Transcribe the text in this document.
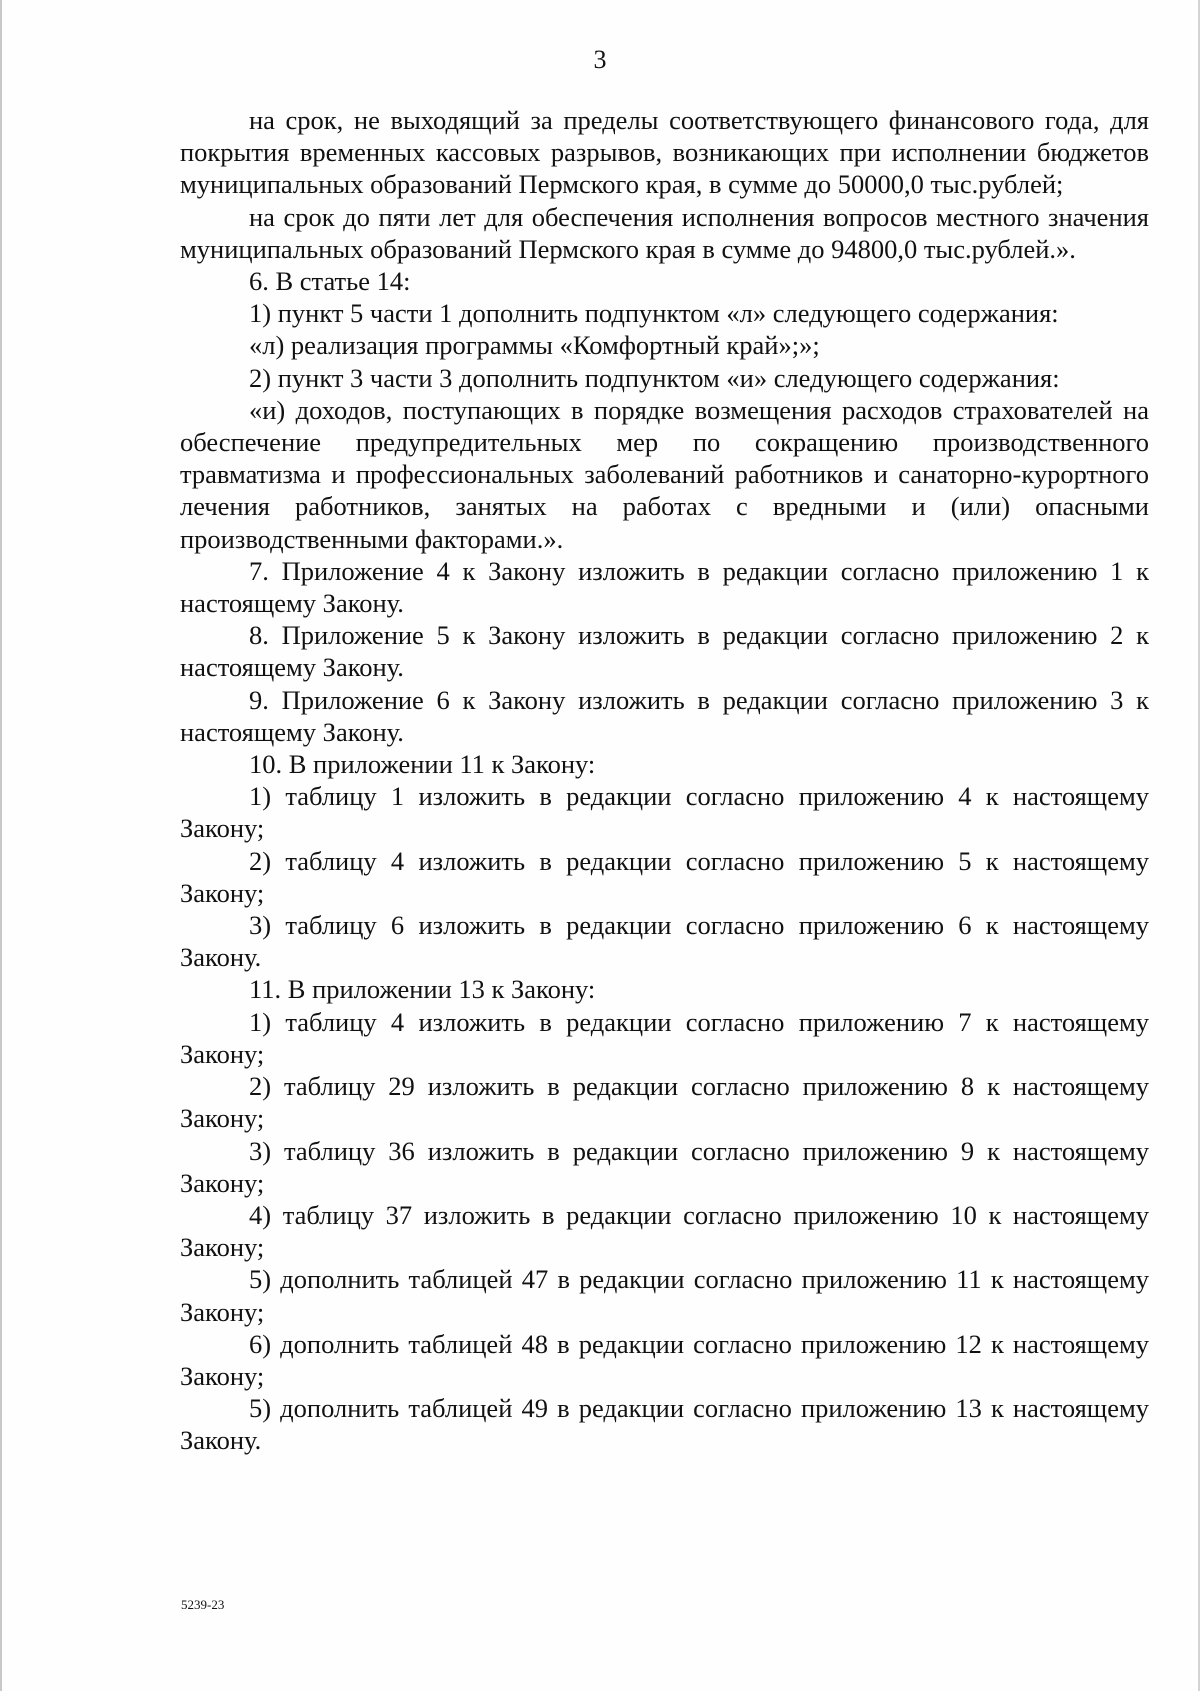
3

на срок, не выходящий за пределы соответствующего финансового года, для покрытия временных кассовых разрывов, возникающих при исполнении бюджетов муниципальных образований Пермского края, в сумме до 50000,0 тыс.рублей;

на срок до пяти лет для обеспечения исполнения вопросов местного значения муниципальных образований Пермского края в сумме до 94800,0 тыс.рублей.».

6. В статье 14:

1) пункт 5 части 1 дополнить подпунктом «л» следующего содержания:

«л) реализация программы «Комфортный край»;»;

2) пункт 3 части 3 дополнить подпунктом «и» следующего содержания:

«и) доходов, поступающих в порядке возмещения расходов страхователей на обеспечение предупредительных мер по сокращению производственного травматизма и профессиональных заболеваний работников и санаторно-курортного лечения работников, занятых на работах с вредными и (или) опасными производственными факторами.».

7. Приложение 4 к Закону изложить в редакции согласно приложению 1 к настоящему Закону.

8. Приложение 5 к Закону изложить в редакции согласно приложению 2 к настоящему Закону.

9. Приложение 6 к Закону изложить в редакции согласно приложению 3 к настоящему Закону.

10. В приложении 11 к Закону:

1) таблицу 1 изложить в редакции согласно приложению 4 к настоящему Закону;

2) таблицу 4 изложить в редакции согласно приложению 5 к настоящему Закону;

3) таблицу 6 изложить в редакции согласно приложению 6 к настоящему Закону.

11. В приложении 13 к Закону:

1) таблицу 4 изложить в редакции согласно приложению 7 к настоящему Закону;

2) таблицу 29 изложить в редакции согласно приложению 8 к настоящему Закону;

3) таблицу 36 изложить в редакции согласно приложению 9 к настоящему Закону;

4) таблицу 37 изложить в редакции согласно приложению 10 к настоящему Закону;

5) дополнить таблицей 47 в редакции согласно приложению 11 к настоящему Закону;

6) дополнить таблицей 48 в редакции согласно приложению 12 к настоящему Закону;

5) дополнить таблицей 49 в редакции согласно приложению 13 к настоящему Закону.

5239-23
